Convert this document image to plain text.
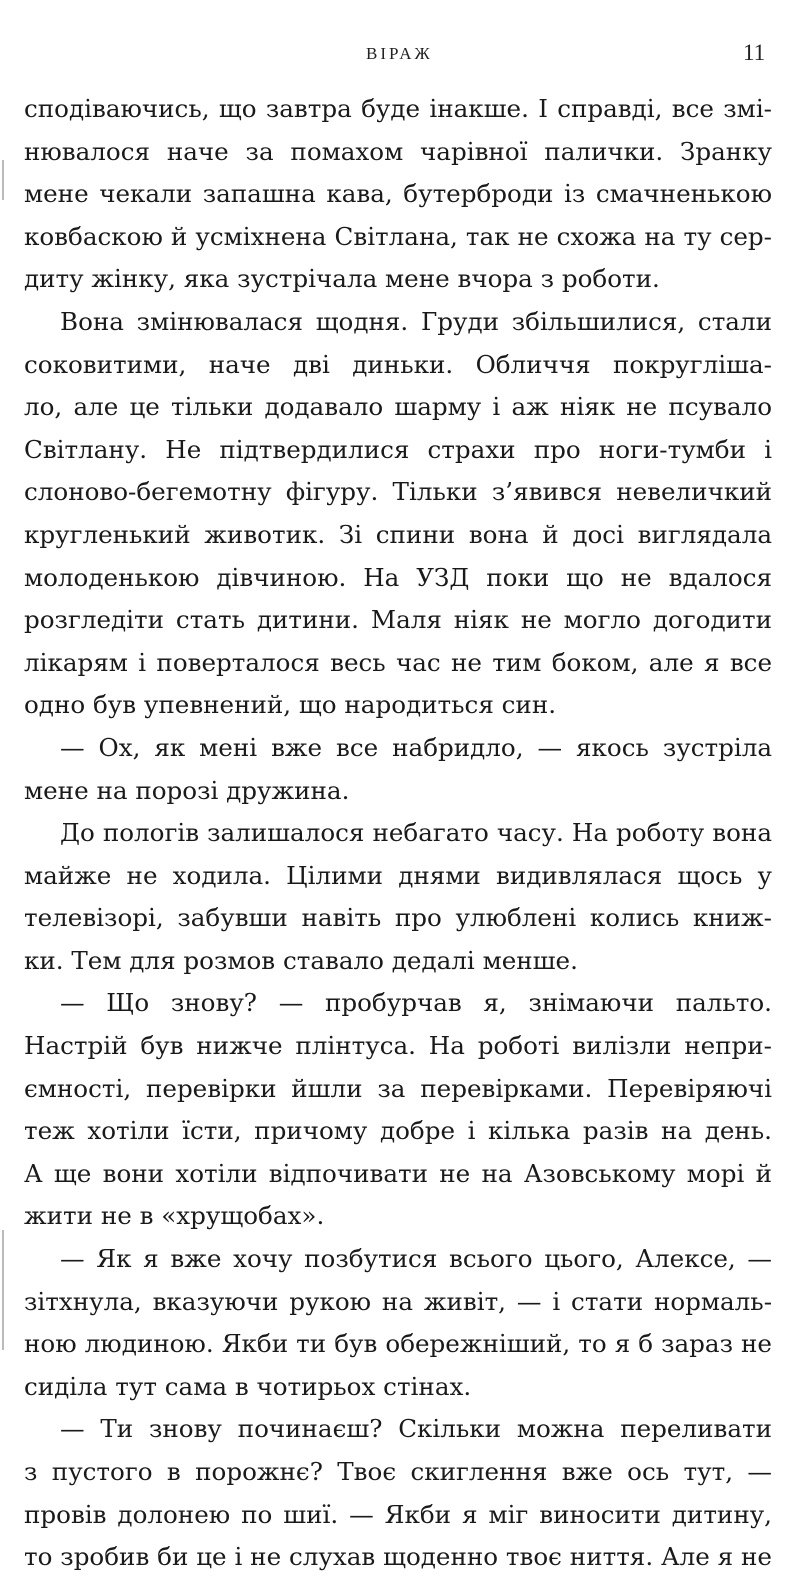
ВІРАЖ	11
сподіваючись, що завтра буде інакше. І справді, все змі-
нювалося наче за помахом чарівної палички. Зранку
мене чекали запашна кава, бутерброди із смачненькою
ковбаскою й усміхнена Світлана, так не схожа на ту сер-
диту жінку, яка зустрічала мене вчора з роботи.
Вона змінювалася щодня. Груди збільшилися, стали
соковитими, наче дві диньки. Обличчя покругліша-
ло, але це тільки додавало шарму і аж ніяк не псувало
Світлану. Не підтвердилися страхи про ноги-тумби і
слоново-бегемотну фігуру. Тільки з’явився невеличкий
кругленький животик. Зі спини вона й досі виглядала
молоденькою дівчиною. На УЗД поки що не вдалося
розгледіти стать дитини. Маля ніяк не могло догодити
лікарям і поверталося весь час не тим боком, але я все
одно був упевнений, що народиться син.
— Ох, як мені вже все набридло, — якось зустріла
мене на порозі дружина.
До пологів залишалося небагато часу. На роботу вона
майже не ходила. Цілими днями видивлялася щось у
телевізорі, забувши навіть про улюблені колись книж-
ки. Тем для розмов ставало дедалі менше.
— Що знову? — пробурчав я, знімаючи пальто.
Настрій був нижче плінтуса. На роботі вилізли непри-
ємності, перевірки йшли за перевірками. Перевіряючі
теж хотіли їсти, причому добре і кілька разів на день.
А ще вони хотіли відпочивати не на Азовському морі й
жити не в «хрущобах».
— Як я вже хочу позбутися всього цього, Алексе, —
зітхнула, вказуючи рукою на живіт, — і стати нормаль-
ною людиною. Якби ти був обережніший, то я б зараз не
сиділа тут сама в чотирьох стінах.
— Ти знову починаєш? Скільки можна переливати
з пустого в порожнє? Твоє скиглення вже ось тут, —
провів долонею по шиї. — Якби я міг виносити дитину,
то зробив би це і не слухав щоденно твоє ниття. Але я не
